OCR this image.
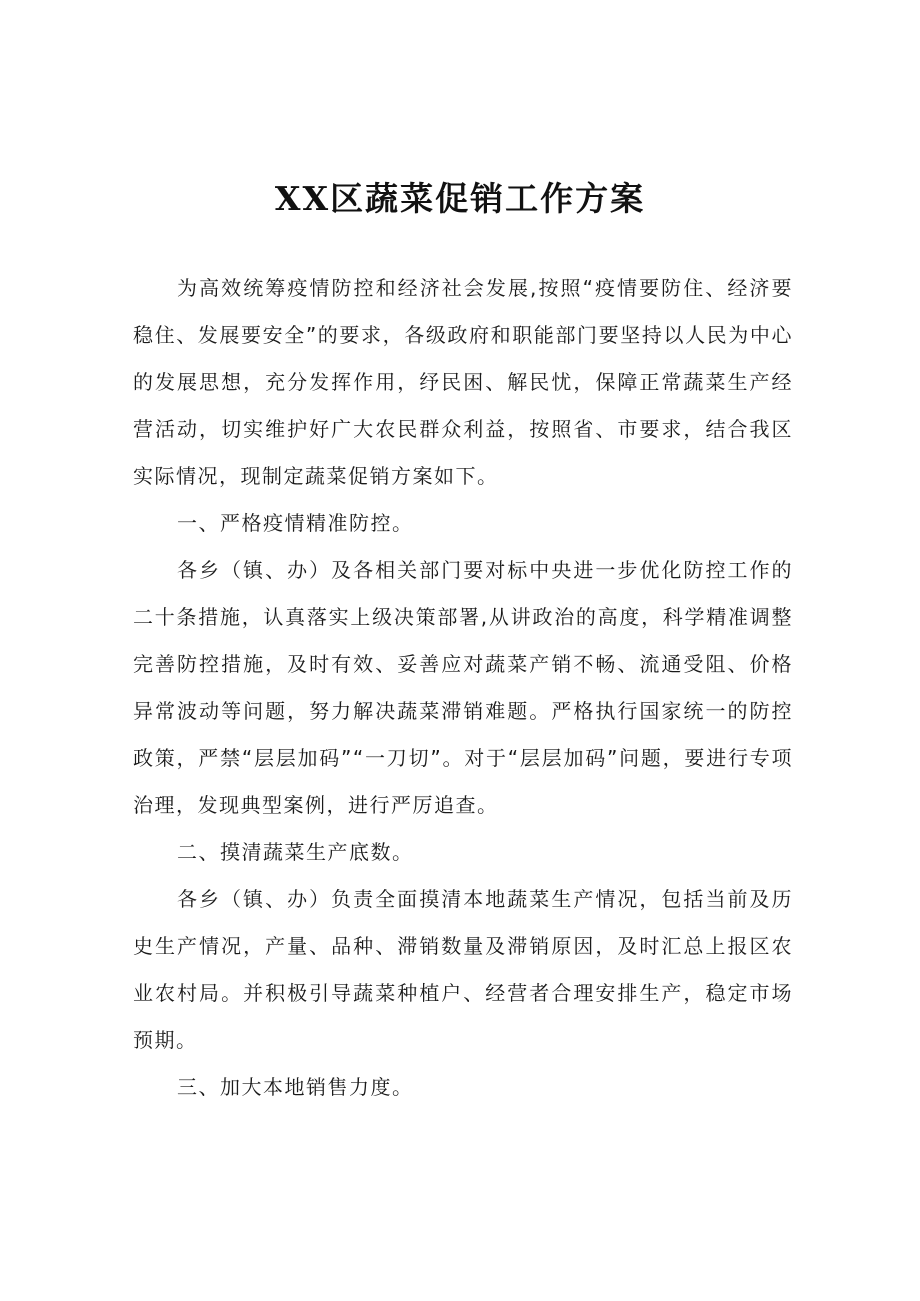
XX区蔬菜促销工作方案

为高效统筹疫情防控和经济社会发展,按照“疫情要防住、经济要稳住、发展要安全”的要求，各级政府和职能部门要坚持以人民为中心的发展思想，充分发挥作用，纾民困、解民忧，保障正常蔬菜生产经营活动，切实维护好广大农民群众利益，按照省、市要求，结合我区实际情况，现制定蔬菜促销方案如下。

一、严格疫情精准防控。

各乡（镇、办）及各相关部门要对标中央进一步优化防控工作的二十条措施，认真落实上级决策部署,从讲政治的高度，科学精准调整完善防控措施，及时有效、妥善应对蔬菜产销不畅、流通受阻、价格异常波动等问题，努力解决蔬菜滞销难题。严格执行国家统一的防控政策，严禁“层层加码”“一刀切”。对于“层层加码”问题，要进行专项治理，发现典型案例，进行严厉追查。

二、摸清蔬菜生产底数。

各乡（镇、办）负责全面摸清本地蔬菜生产情况，包括当前及历史生产情况，产量、品种、滞销数量及滞销原因，及时汇总上报区农业农村局。并积极引导蔬菜种植户、经营者合理安排生产，稳定市场预期。

三、加大本地销售力度。
